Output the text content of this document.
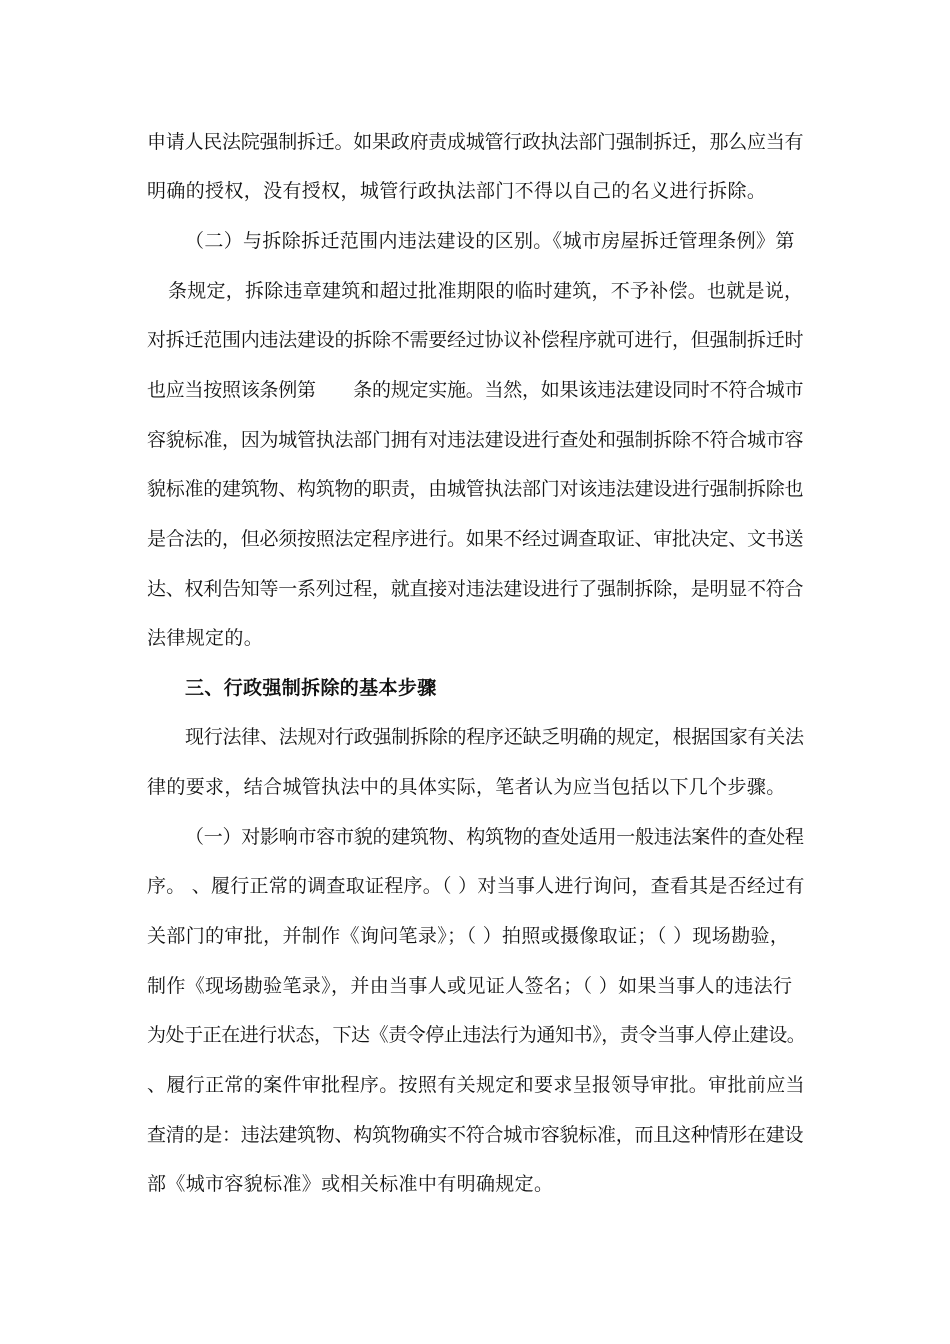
申请人民法院强制拆迁。如果政府责成城管行政执法部门强制拆迁，那么应当有
明确的授权，没有授权，城管行政执法部门不得以自己的名义进行拆除。
（二）与拆除拆迁范围内违法建设的区别。《城市房屋拆迁管理条例》第
条规定，拆除违章建筑和超过批准期限的临时建筑，不予补偿。也就是说，
对拆迁范围内违法建设的拆除不需要经过协议补偿程序就可进行，但强制拆迁时
也应当按照该条例第　　条的规定实施。当然，如果该违法建设同时不符合城市
容貌标准，因为城管执法部门拥有对违法建设进行查处和强制拆除不符合城市容
貌标准的建筑物、构筑物的职责，由城管执法部门对该违法建设进行强制拆除也
是合法的，但必须按照法定程序进行。如果不经过调查取证、审批决定、文书送
达、权利告知等一系列过程，就直接对违法建设进行了强制拆除，是明显不符合
法律规定的。
三、行政强制拆除的基本步骤
现行法律、法规对行政强制拆除的程序还缺乏明确的规定，根据国家有关法
律的要求，结合城管执法中的具体实际，笔者认为应当包括以下几个步骤。
（一）对影响市容市貌的建筑物、构筑物的查处适用一般违法案件的查处程
序。 、履行正常的调查取证程序。（ ）对当事人进行询问，查看其是否经过有
关部门的审批，并制作《询问笔录》；（ ）拍照或摄像取证；（ ）现场勘验，
制作《现场勘验笔录》，并由当事人或见证人签名；（ ）如果当事人的违法行
为处于正在进行状态，下达《责令停止违法行为通知书》，责令当事人停止建设。
、履行正常的案件审批程序。按照有关规定和要求呈报领导审批。审批前应当
查清的是：违法建筑物、构筑物确实不符合城市容貌标准，而且这种情形在建设
部《城市容貌标准》或相关标准中有明确规定。
